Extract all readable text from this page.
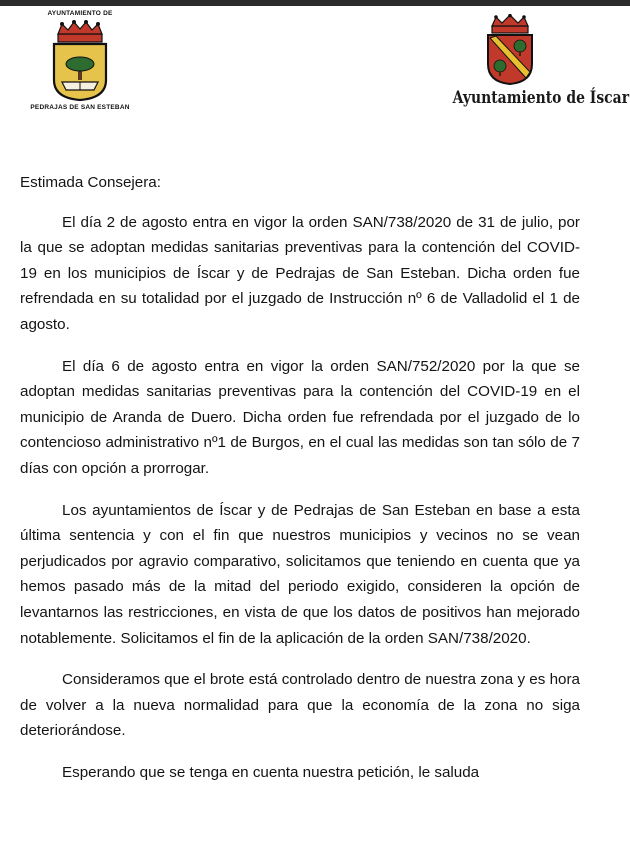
AYUNTAMIENTO DE
PEDRAJAS DE SAN ESTEBAN	Ayuntamiento de Íscar

Estimada Consejera:

El día 2 de agosto entra en vigor la orden SAN/738/2020 de 31 de julio, por la que se adoptan medidas sanitarias preventivas para la contención del COVID-19 en los municipios de Íscar y de Pedrajas de San Esteban. Dicha orden fue refrendada en su totalidad por el juzgado de Instrucción nº 6 de Valladolid el 1 de agosto.

El día 6 de agosto entra en vigor la orden SAN/752/2020 por la que se adoptan medidas sanitarias preventivas para la contención del COVID-19 en el municipio de Aranda de Duero. Dicha orden fue refrendada por el juzgado de lo contencioso administrativo nº1 de Burgos, en el cual las medidas son tan sólo de 7 días con opción a prorrogar.

Los ayuntamientos de Íscar y de Pedrajas de San Esteban en base a esta última sentencia y con el fin que nuestros municipios y vecinos no se vean perjudicados por agravio comparativo, solicitamos que teniendo en cuenta que ya hemos pasado más de la mitad del periodo exigido, consideren la opción de levantarnos las restricciones, en vista de que los datos de positivos han mejorado notablemente. Solicitamos el fin de la aplicación de la orden SAN/738/2020.

Consideramos que el brote está controlado dentro de nuestra zona y es hora de volver a la nueva normalidad para que la economía de la zona no siga deteriorándose.

Esperando que se tenga en cuenta nuestra petición, le saluda
